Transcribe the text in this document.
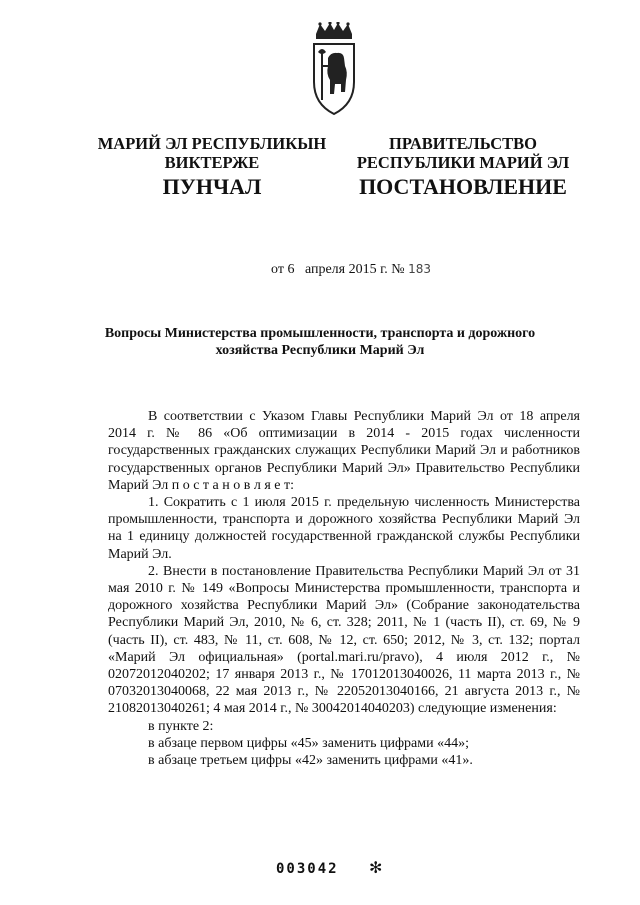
МАРИЙ ЭЛ РЕСПУБЛИКЫН
ВИКТЕРЖЕ
ПРАВИТЕЛЬСТВО
РЕСПУБЛИКИ МАРИЙ ЭЛ
ПУНЧАЛ	ПОСТАНОВЛЕНИЕ
от 6 апреля 2015 г. № 183
Вопросы Министерства промышленности, транспорта и дорожного
хозяйства Республики Марий Эл

В соответствии с Указом Главы Республики Марий Эл от 18 апреля 2014 г. № 86 «Об оптимизации в 2014 - 2015 годах численности государственных гражданских служащих Республики Марий Эл и работников государственных органов Республики Марий Эл» Правительство Республики Марий Эл п о с т а н о в л я е т:

1. Сократить с 1 июля 2015 г. предельную численность Министерства промышленности, транспорта и дорожного хозяйства Республики Марий Эл на 1 единицу должностей государственной гражданской службы Республики Марий Эл.

2. Внести в постановление Правительства Республики Марий Эл от 31 мая 2010 г. № 149 «Вопросы Министерства промышленности, транспорта и дорожного хозяйства Республики Марий Эл» (Собрание законодательства Республики Марий Эл, 2010, № 6, ст. 328; 2011, № 1 (часть II), ст. 69, № 9 (часть II), ст. 483, № 11, ст. 608, № 12, ст. 650; 2012, № 3, ст. 132; портал «Марий Эл официальная» (portal.mari.ru/pravo), 4 июля 2012 г., № 02072012040202; 17 января 2013 г., № 17012013040026, 11 марта 2013 г., № 07032013040068, 22 мая 2013 г., № 22052013040166, 21 августа 2013 г., № 21082013040261; 4 мая 2014 г., № 30042014040203) следующие изменения:

в пункте 2:

в абзаце первом цифры «45» заменить цифрами «44»;

в абзаце третьем цифры «42» заменить цифрами «41».

003042 ✻
